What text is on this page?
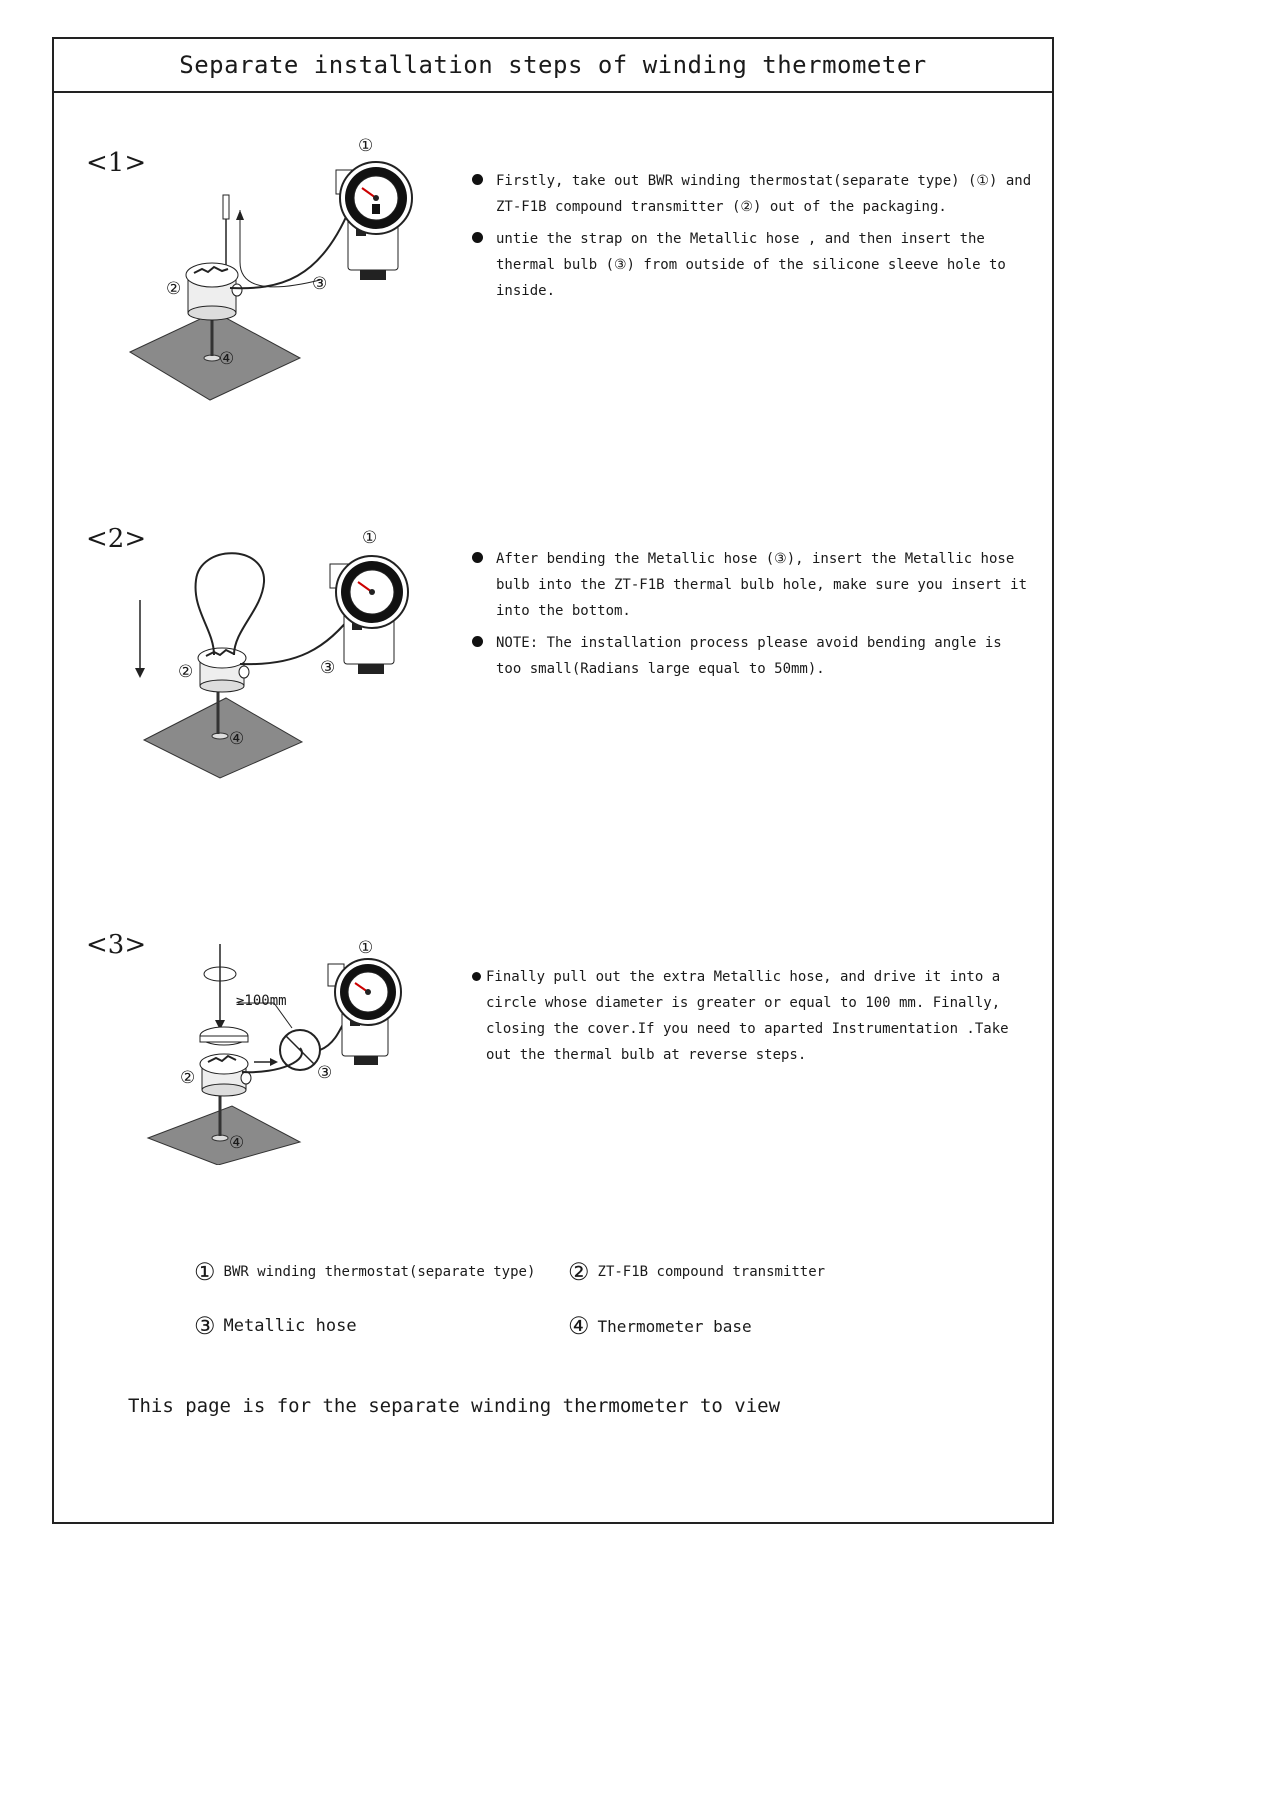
Separate installation steps of winding thermometer
<1>
①
②	③
④
Firstly, take out BWR winding thermostat(separate type) (①) and ZT-F1B compound transmitter (②) out of the packaging.
untie the strap on the Metallic hose , and then insert the thermal bulb (③) from outside of the silicone sleeve hole to inside.
<2>	①
②	③
④
After bending the Metallic hose (③), insert the Metallic hose bulb into the ZT-F1B thermal bulb hole, make sure you insert it into the bottom.
NOTE: The installation process please avoid bending angle is too small(Radians large equal to 50mm).
<3>
≥100mm
①
②	③
④
Finally pull out the extra Metallic hose, and drive it into a circle whose diameter is greater or equal to 100 mm. Finally, closing the cover.If you need to aparted Instrumentation .Take out the thermal bulb at reverse steps.
① BWR winding thermostat(separate type) ② ZT-F1B compound transmitter
③ Metallic hose	④ Thermometer base
This page is for the separate winding thermometer to view
